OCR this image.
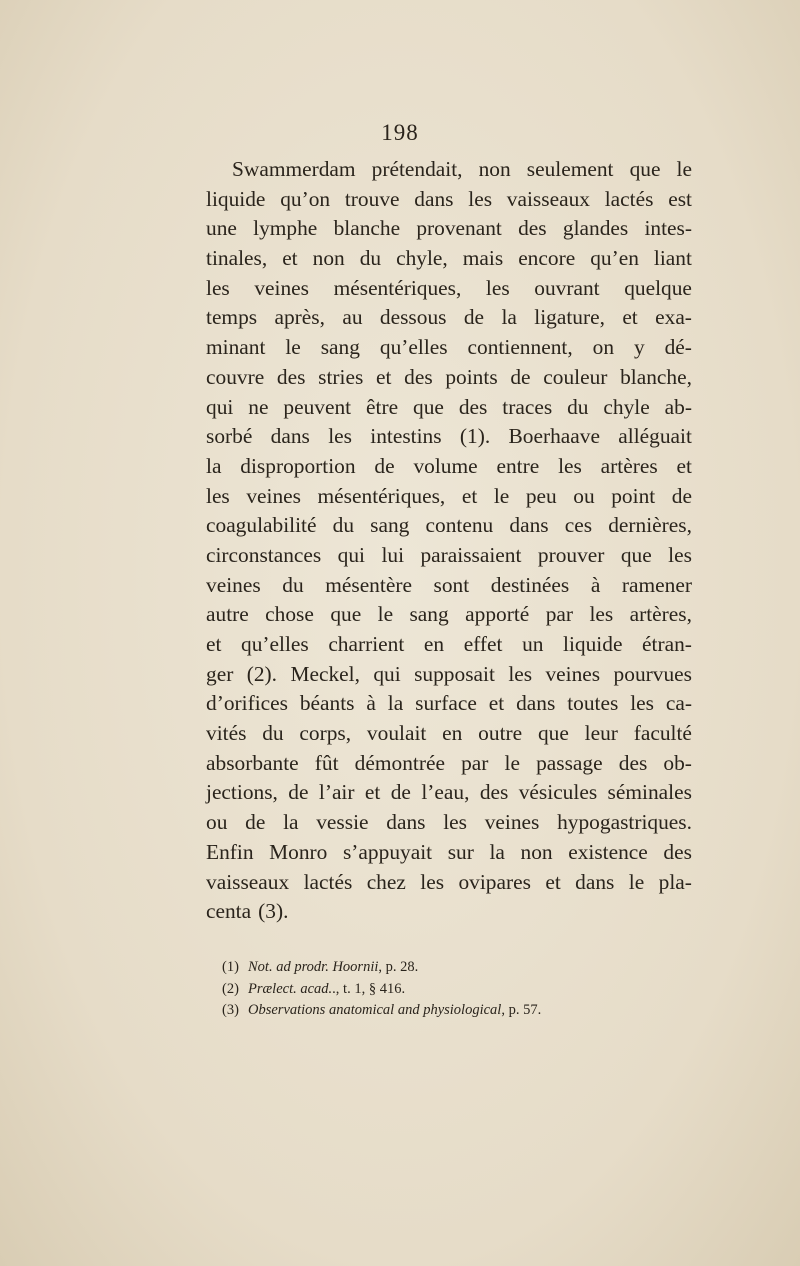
198
Swammerdam prétendait, non seulement que le
liquide qu’on trouve dans les vaisseaux lactés est
une lymphe blanche provenant des glandes intes-
tinales, et non du chyle, mais encore qu’en liant
les veines mésentériques, les ouvrant quelque
temps après, au dessous de la ligature, et exa-
minant le sang qu’elles contiennent, on y dé-
couvre des stries et des points de couleur blanche,
qui ne peuvent être que des traces du chyle ab-
sorbé dans les intestins (1). Boerhaave alléguait
la disproportion de volume entre les artères et
les veines mésentériques, et le peu ou point de
coagulabilité du sang contenu dans ces dernières,
circonstances qui lui paraissaient prouver que les
veines du mésentère sont destinées à ramener
autre chose que le sang apporté par les artères,
et qu’elles charrient en effet un liquide étran-
ger (2). Meckel, qui supposait les veines pourvues
d’orifices béants à la surface et dans toutes les ca-
vités du corps, voulait en outre que leur faculté
absorbante fût démontrée par le passage des ob-
jections, de l’air et de l’eau, des vésicules séminales
ou de la vessie dans les veines hypogastriques.
Enfin Monro s’appuyait sur la non existence des
vaisseaux lactés chez les ovipares et dans le pla-
centa (3).
(1) Not. ad prodr. Hoornii, p. 28.
(2) Prælect. acad.., t. 1, § 416.
(3) Observations anatomical and physiological, p. 57.
